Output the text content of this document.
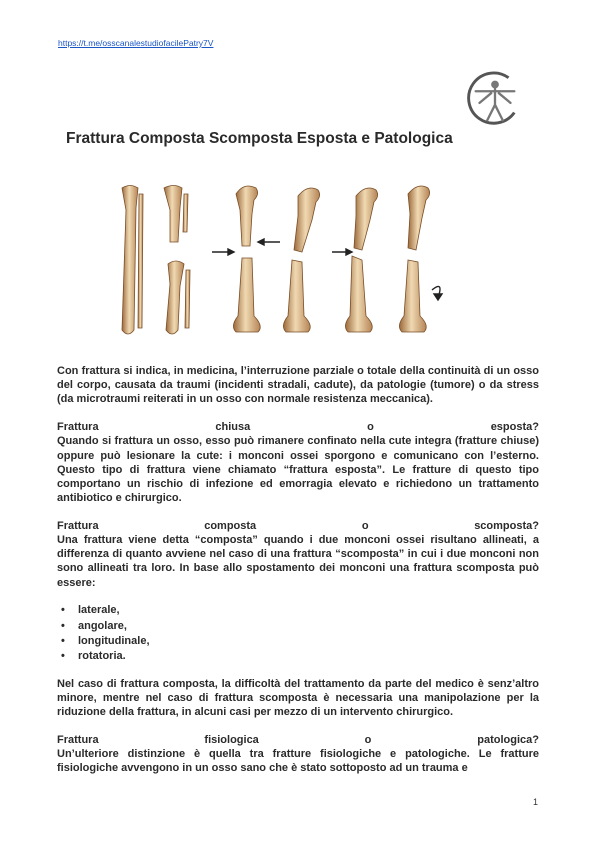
https://t.me/osscanalestudiofacilePatry7V
Frattura Composta Scomposta Esposta e Patologica

Con frattura si indica, in medicina, l’interruzione parziale o totale della continuità di un osso del corpo, causata da traumi (incidenti stradali, cadute), da patologie (tumore) o da stress (da microtraumi reiterati in un osso con normale resistenza meccanica).

Frattura	chiusa	o	esposta?

Quando si frattura un osso, esso può rimanere confinato nella cute integra (fratture chiuse) oppure può lesionare la cute: i monconi ossei sporgono e comunicano con l’esterno. Questo tipo di frattura viene chiamato “frattura esposta”. Le fratture di questo tipo comportano un rischio di infezione ed emorragia elevato e richiedono un trattamento antibiotico e chirurgico.

Frattura	composta	o	scomposta?

Una frattura viene detta “composta” quando i due monconi ossei risultano allineati, a differenza di quanto avviene nel caso di una frattura “scomposta” in cui i due monconi non sono allineati tra loro. In base allo spostamento dei monconi una frattura scomposta può essere:

• laterale,
• angolare,
• longitudinale,
• rotatoria.

Nel caso di frattura composta, la difficoltà del trattamento da parte del medico è senz’altro minore, mentre nel caso di frattura scomposta è necessaria una manipolazione per la riduzione della frattura, in alcuni casi per mezzo di un intervento chirurgico.

Frattura	fisiologica	o	patologica?

Un’ulteriore distinzione è quella tra fratture fisiologiche e patologiche. Le fratture fisiologiche avvengono in un osso sano che è stato sottoposto ad un trauma e

1
